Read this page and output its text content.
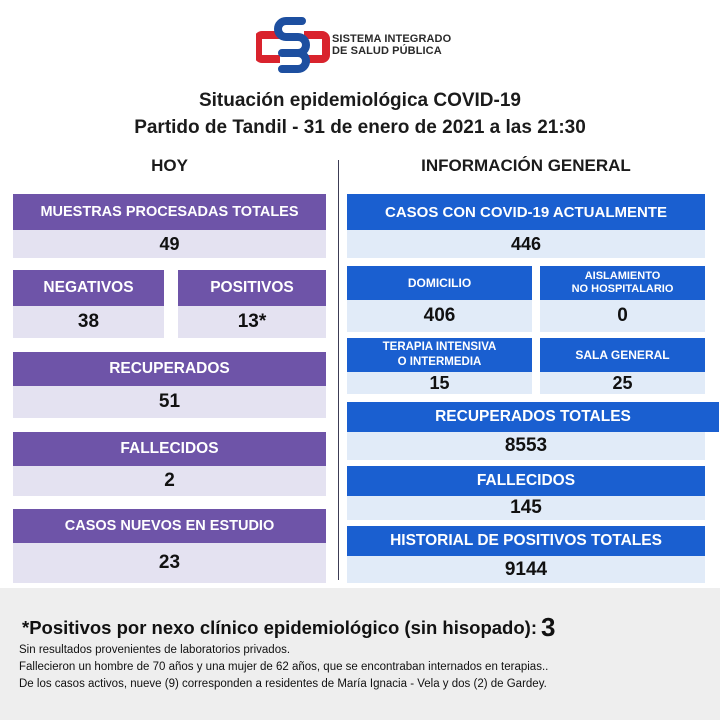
SISTEMA INTEGRADO
DE SALUD PÚBLICA
Situación epidemiológica COVID-19
Partido de Tandil - 31 de enero de 2021 a las 21:30
HOY	INFORMACIÓN GENERAL
MUESTRAS PROCESADAS TOTALES
49
NEGATIVOS
38
POSITIVOS
13*
RECUPERADOS
51
FALLECIDOS
2
CASOS NUEVOS EN ESTUDIO
23
CASOS CON COVID-19 ACTUALMENTE
446
DOMICILIO
406
AISLAMIENTO
NO HOSPITALARIO
0
TERAPIA INTENSIVA
O INTERMEDIA
15
SALA GENERAL
25
RECUPERADOS TOTALES
8553
FALLECIDOS
145
HISTORIAL DE POSITIVOS TOTALES
9144
*Positivos por nexo clínico epidemiológico (sin hisopado): 3
Sin resultados provenientes de laboratorios privados.
Fallecieron un hombre de 70 años y una mujer de 62 años, que se encontraban internados en terapias..
De los casos activos, nueve (9) corresponden a residentes de María Ignacia - Vela y dos (2) de Gardey.
